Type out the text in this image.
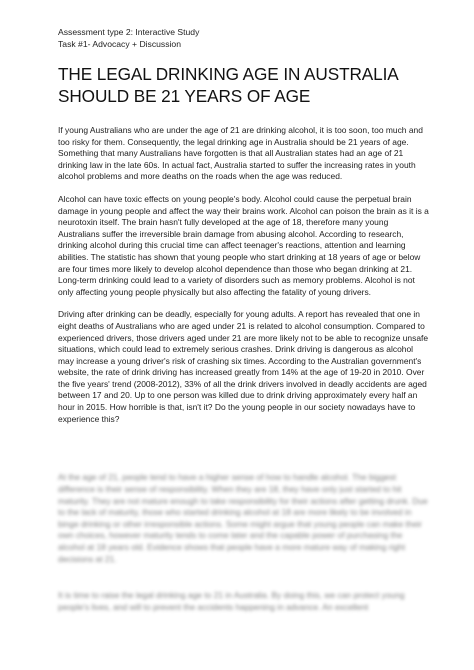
Assessment type 2: Interactive Study
Task #1- Advocacy + Discussion
THE LEGAL DRINKING AGE IN AUSTRALIA SHOULD BE 21 YEARS OF AGE

If young Australians who are under the age of 21 are drinking alcohol, it is too soon, too much and too risky for them. Consequently, the legal drinking age in Australia should be 21 years of age. Something that many Australians have forgotten is that all Australian states had an age of 21 drinking law in the late 60s. In actual fact, Australia started to suffer the increasing rates in youth alcohol problems and more deaths on the roads when the age was reduced.

Alcohol can have toxic effects on young people's body. Alcohol could cause the perpetual brain damage in young people and affect the way their brains work. Alcohol can poison the brain as it is a neurotoxin itself. The brain hasn't fully developed at the age of 18, therefore many young Australians suffer the irreversible brain damage from abusing alcohol. According to research, drinking alcohol during this crucial time can affect teenager's reactions, attention and learning abilities. The statistic has shown that young people who start drinking at 18 years of age or below are four times more likely to develop alcohol dependence than those who began drinking at 21. Long-term drinking could lead to a variety of disorders such as memory problems. Alcohol is not only affecting young people physically but also affecting the fatality of young drivers.

Driving after drinking can be deadly, especially for young adults. A report has revealed that one in eight deaths of Australians who are aged under 21 is related to alcohol consumption. Compared to experienced drivers, those drivers aged under 21 are more likely not to be able to recognize unsafe situations, which could lead to extremely serious crashes. Drink driving is dangerous as alcohol may increase a young driver's risk of crashing six times. According to the Australian government's website, the rate of drink driving has increased greatly from 14% at the age of 19-20 in 2010. Over the five years' trend (2008-2012), 33% of all the drink drivers involved in deadly accidents are aged between 17 and 20. Up to one person was killed due to drink driving approximately every half an hour in 2015. How horrible is that, isn't it? Do the young people in our society nowadays have to experience this?

At the age of 21, people tend to have a higher sense of how to handle alcohol. The biggest difference is their sense of responsibility. When they are 18, they have only just started to hit maturity. They are not mature enough to take responsibility for their actions after getting drunk. Due to the lack of maturity, those who started drinking alcohol at 18 are more likely to be involved in binge drinking or other irresponsible actions. Some might argue that young people can make their own choices, however maturity tends to come later and the capable power of purchasing the alcohol at 18 years old. Evidence shows that people have a more mature way of making right decisions at 21.

It is time to raise the legal drinking age to 21 in Australia. By doing this, we can protect young people's lives, and will to prevent the accidents happening in advance. An excellent
